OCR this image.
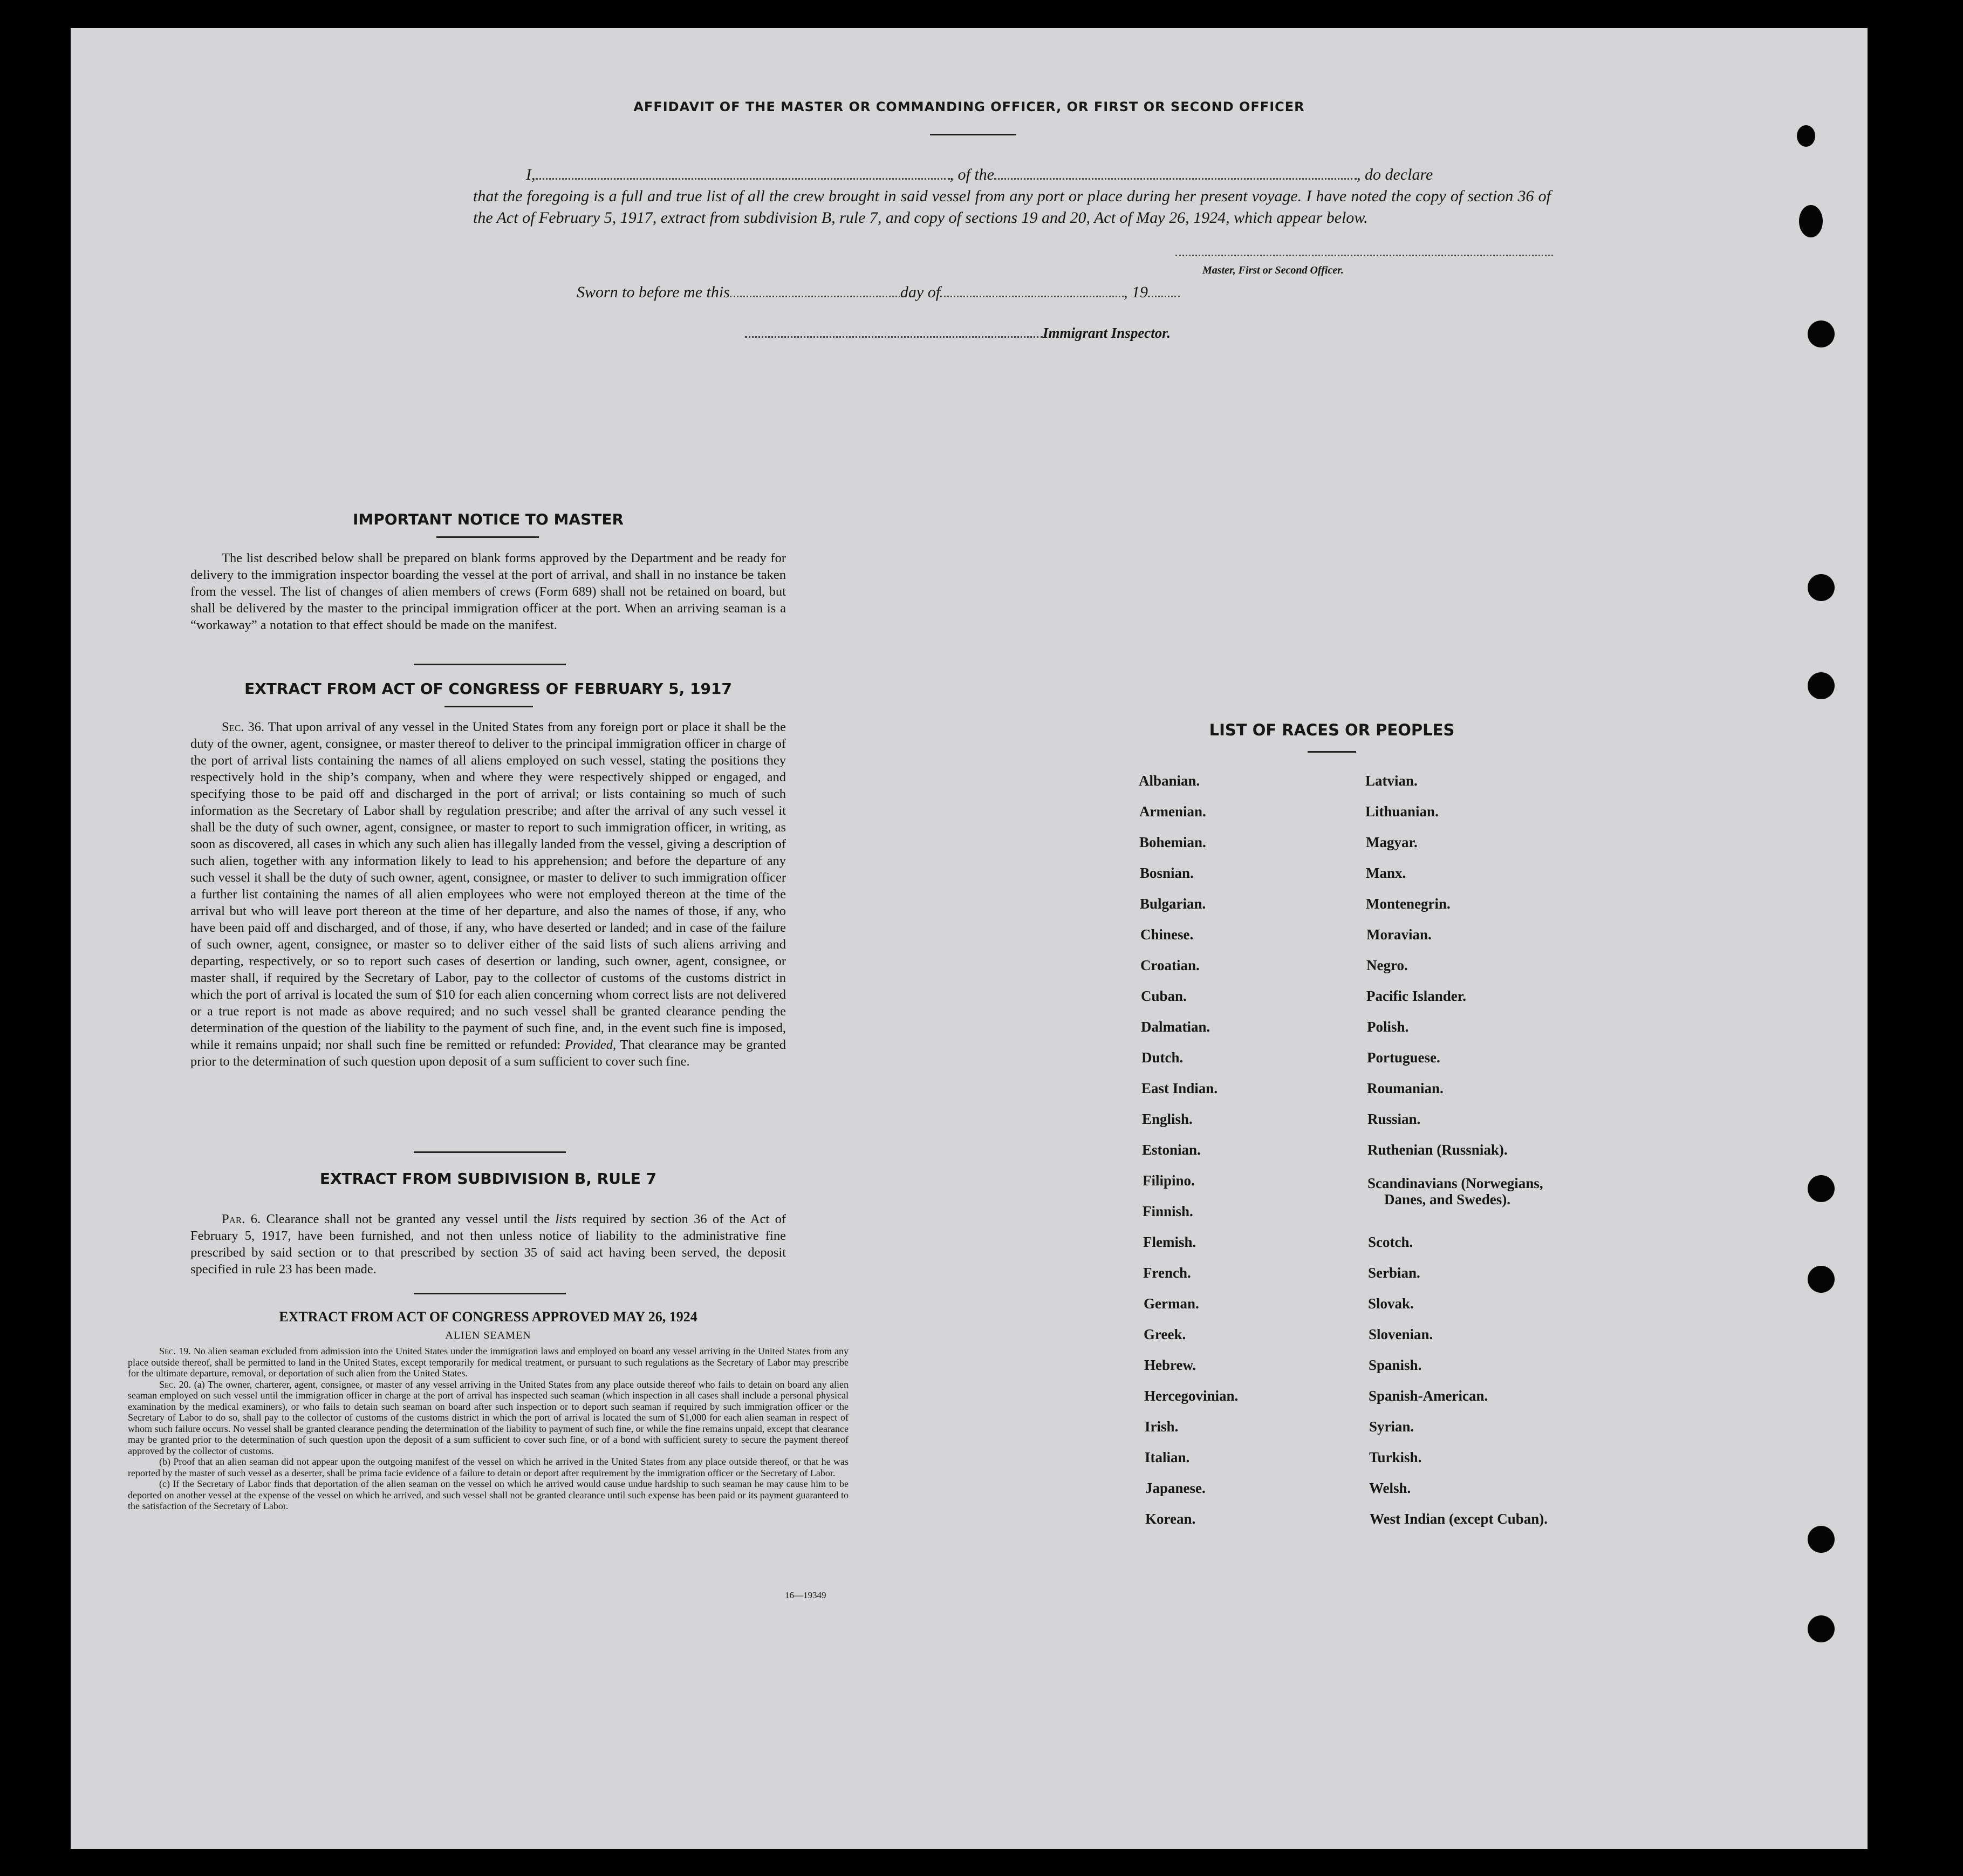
AFFIDAVIT OF THE MASTER OR COMMANDING OFFICER, OR FIRST OR SECOND OFFICER
I,	, of the	, do declare
that the foregoing is a full and true list of all the crew brought in said vessel from any port or place during her present voyage. I have noted the copy of section 36 of the Act of February 5, 1917, extract from subdivision B, rule 7, and copy of sections 19 and 20, Act of May 26, 1924, which appear below.
Master, First or Second Officer.
Sworn to before me this	day of	, 19
Immigrant Inspector.
IMPORTANT NOTICE TO MASTER
The list described below shall be prepared on blank forms approved by the Department and be ready for delivery to the immigration inspector boarding the vessel at the port of arrival, and shall in no instance be taken from the vessel. The list of changes of alien members of crews (Form 689) shall not be retained on board, but shall be delivered by the master to the principal immigration officer at the port. When an arriving seaman is a “workaway” a notation to that effect should be made on the manifest.
EXTRACT FROM ACT OF CONGRESS OF FEBRUARY 5, 1917
Sec. 36. That upon arrival of any vessel in the United States from any foreign port or place it shall be the duty of the owner, agent, consignee, or master thereof to deliver to the principal immigration officer in charge of the port of arrival lists containing the names of all aliens employed on such vessel, stating the positions they respectively hold in the ship’s company, when and where they were respectively shipped or engaged, and specifying those to be paid off and discharged in the port of arrival; or lists containing so much of such information as the Secretary of Labor shall by regulation prescribe; and after the arrival of any such vessel it shall be the duty of such owner, agent, consignee, or master to report to such immigration officer, in writing, as soon as discovered, all cases in which any such alien has illegally landed from the vessel, giving a description of such alien, together with any information likely to lead to his apprehension; and before the departure of any such vessel it shall be the duty of such owner, agent, consignee, or master to deliver to such immigration officer a further list containing the names of all alien employees who were not employed thereon at the time of the arrival but who will leave port thereon at the time of her departure, and also the names of those, if any, who have been paid off and discharged, and of those, if any, who have deserted or landed; and in case of the failure of such owner, agent, consignee, or master so to deliver either of the said lists of such aliens arriving and departing, respectively, or so to report such cases of desertion or landing, such owner, agent, consignee, or master shall, if required by the Secretary of Labor, pay to the collector of customs of the customs district in which the port of arrival is located the sum of $10 for each alien concerning whom correct lists are not delivered or a true report is not made as above required; and no such vessel shall be granted clearance pending the determination of the question of the liability to the payment of such fine, and, in the event such fine is imposed, while it remains unpaid; nor shall such fine be remitted or refunded: Provided, That clearance may be granted prior to the determination of such question upon deposit of a sum sufficient to cover such fine.
EXTRACT FROM SUBDIVISION B, RULE 7
Par. 6. Clearance shall not be granted any vessel until the lists required by section 36 of the Act of February 5, 1917, have been furnished, and not then unless notice of liability to the administrative fine prescribed by said section or to that prescribed by section 35 of said act having been served, the deposit specified in rule 23 has been made.
EXTRACT FROM ACT OF CONGRESS APPROVED MAY 26, 1924
ALIEN SEAMEN
Sec. 19. No alien seaman excluded from admission into the United States under the immigration laws and employed on board any vessel arriving in the United States from any place outside thereof, shall be permitted to land in the United States, except temporarily for medical treatment, or pursuant to such regulations as the Secretary of Labor may prescribe for the ultimate departure, removal, or deportation of such alien from the United States.
Sec. 20. (a) The owner, charterer, agent, consignee, or master of any vessel arriving in the United States from any place outside thereof who fails to detain on board any alien seaman employed on such vessel until the immigration officer in charge at the port of arrival has inspected such seaman (which inspection in all cases shall include a personal physical examination by the medical examiners), or who fails to detain such seaman on board after such inspection or to deport such seaman if required by such immigration officer or the Secretary of Labor to do so, shall pay to the collector of customs of the customs district in which the port of arrival is located the sum of $1,000 for each alien seaman in respect of whom such failure occurs. No vessel shall be granted clearance pending the determination of the liability to payment of such fine, or while the fine remains unpaid, except that clearance may be granted prior to the determination of such question upon the deposit of a sum sufficient to cover such fine, or of a bond with sufficient surety to secure the payment thereof approved by the collector of customs.
(b) Proof that an alien seaman did not appear upon the outgoing manifest of the vessel on which he arrived in the United States from any place outside thereof, or that he was reported by the master of such vessel as a deserter, shall be prima facie evidence of a failure to detain or deport after requirement by the immigration officer or the Secretary of Labor.
(c) If the Secretary of Labor finds that deportation of the alien seaman on the vessel on which he arrived would cause undue hardship to such seaman he may cause him to be deported on another vessel at the expense of the vessel on which he arrived, and such vessel shall not be granted clearance until such expense has been paid or its payment guaranteed to the satisfaction of the Secretary of Labor.
16—19349
LIST OF RACES OR PEOPLES
Albanian.
Armenian.
Bohemian.
Bosnian.
Bulgarian.
Chinese.
Croatian.
Cuban.
Dalmatian.
Dutch.
East Indian.
English.
Estonian.
Filipino.
Finnish.
Flemish.
French.
German.
Greek.
Hebrew.
Hercegovinian.
Irish.
Italian.
Japanese.
Korean.
Latvian.
Lithuanian.
Magyar.
Manx.
Montenegrin.
Moravian.
Negro.
Pacific Islander.
Polish.
Portuguese.
Roumanian.
Russian.
Ruthenian (Russniak).
Scandinavians (Norwegians,
Danes, and Swedes).
Scotch.
Serbian.
Slovak.
Slovenian.
Spanish.
Spanish-American.
Syrian.
Turkish.
Welsh.
West Indian (except Cuban).
